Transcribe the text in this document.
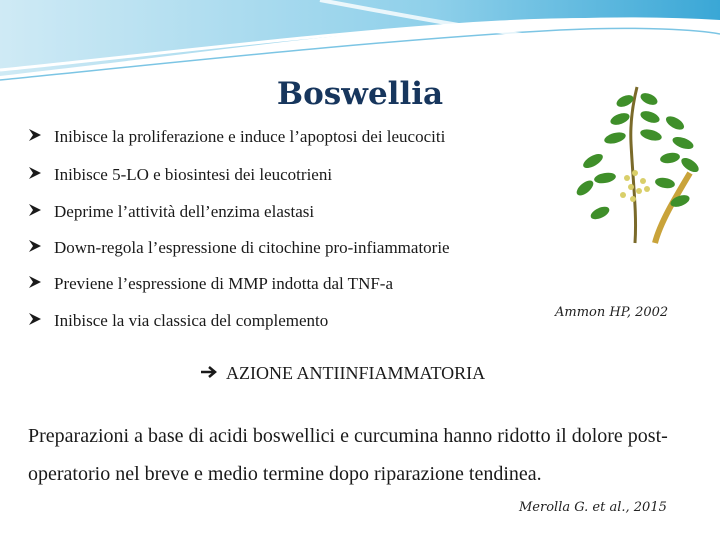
Boswellia
Inibisce la proliferazione e induce l’apoptosi dei leucociti
Inibisce 5-LO e biosintesi dei leucotrieni
Deprime l’attività dell’enzima elastasi
Down-regola l’espressione di citochine pro-infiammatorie
Previene l’espressione di MMP indotta dal TNF-a
Inibisce la via classica del complemento	Ammon HP, 2002
AZIONE ANTIINFIAMMATORIA
Preparazioni a base di acidi boswellici e curcumina hanno ridotto il dolore post-operatorio nel breve e medio termine dopo riparazione tendinea.
Merolla G. et al., 2015
